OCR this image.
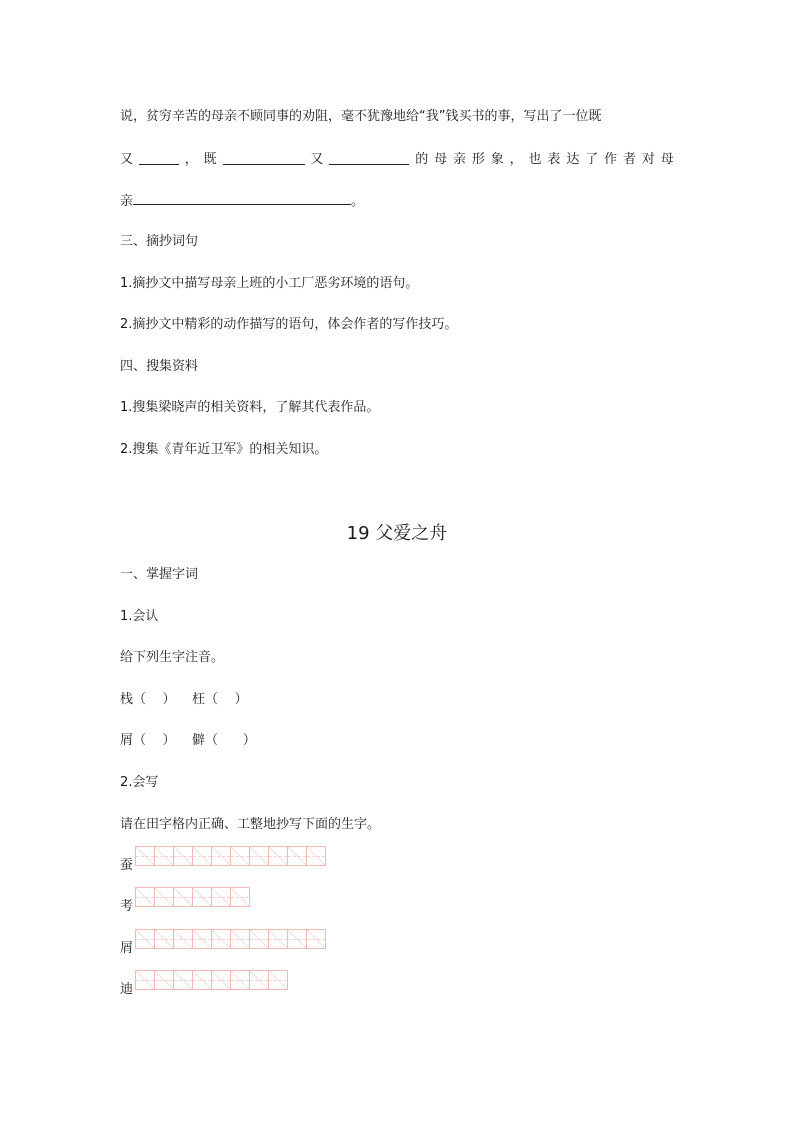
说，贫穷辛苦的母亲不顾同事的劝阻，毫不犹豫地给“我”钱买书的事，写出了一位既
又	， 既	又	的 母 亲 形 象 ， 也 表 达 了 作 者 对 母
亲	。
三、摘抄词句
1.摘抄文中描写母亲上班的小工厂恶劣环境的语句。
2.摘抄文中精彩的动作描写的语句，体会作者的写作技巧。
四、搜集资料
1.搜集梁晓声的相关资料，了解其代表作品。
2.搜集《青年近卫军》的相关知识。
19 父爱之舟
一、掌握字词
1.会认
给下列生字注音。
栈（    ）    枉（    ）
屑（    ）    僻（      ）
2.会写
请在田字格内正确、工整地抄写下面的生字。
蚕
考
屑
迪
